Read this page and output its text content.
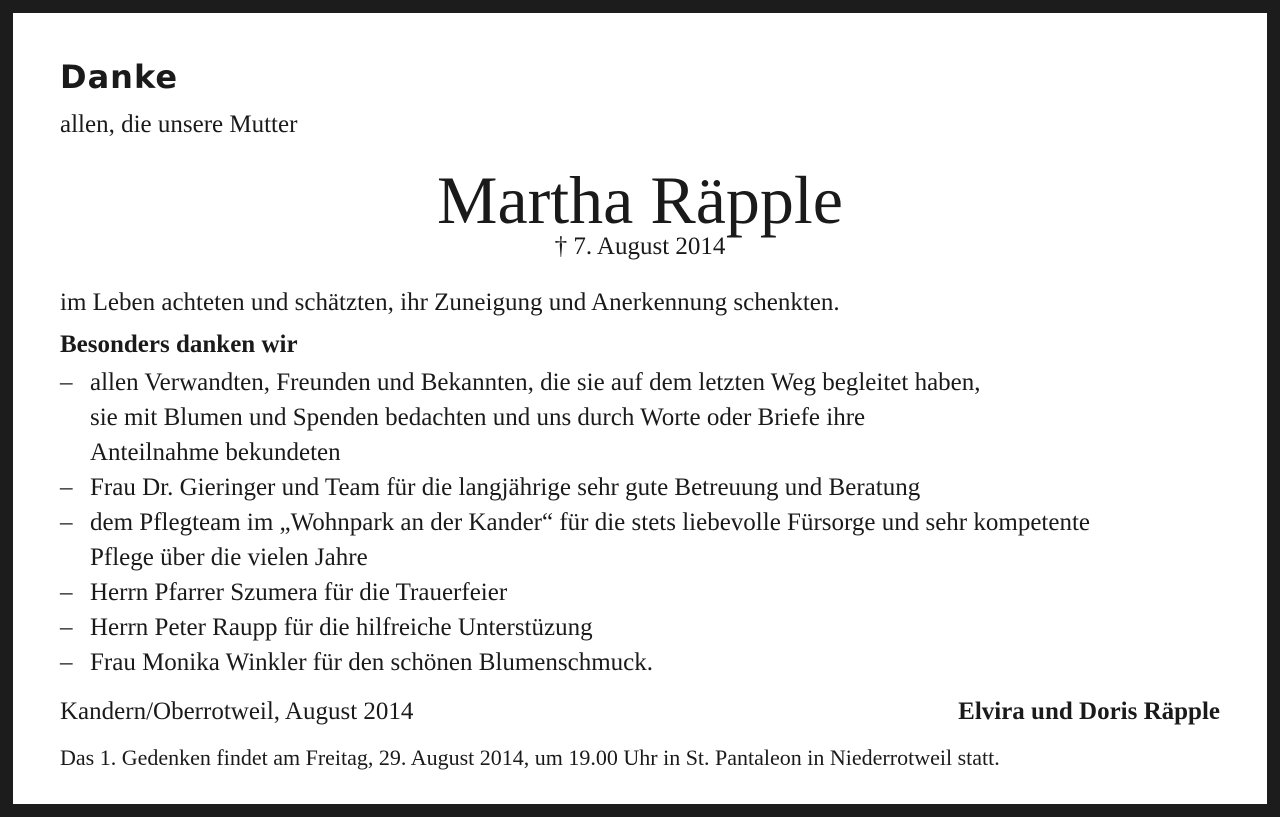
Danke
allen, die unsere Mutter
Martha Räpple
† 7. August 2014
im Leben achteten und schätzten, ihr Zuneigung und Anerkennung schenkten.
Besonders danken wir
– allen Verwandten, Freunden und Bekannten, die sie auf dem letzten Weg begleitet haben,
sie mit Blumen und Spenden bedachten und uns durch Worte oder Briefe ihre
Anteilnahme bekundeten
– Frau Dr. Gieringer und Team für die langjährige sehr gute Betreuung und Beratung
– dem Pflegteam im „Wohnpark an der Kander“ für die stets liebevolle Fürsorge und sehr kompetente
Pflege über die vielen Jahre
– Herrn Pfarrer Szumera für die Trauerfeier
– Herrn Peter Raupp für die hilfreiche Unterstüzung
– Frau Monika Winkler für den schönen Blumenschmuck.
Kandern/Oberrotweil, August 2014	Elvira und Doris Räpple
Das 1. Gedenken findet am Freitag, 29. August 2014, um 19.00 Uhr in St. Pantaleon in Niederrotweil statt.
